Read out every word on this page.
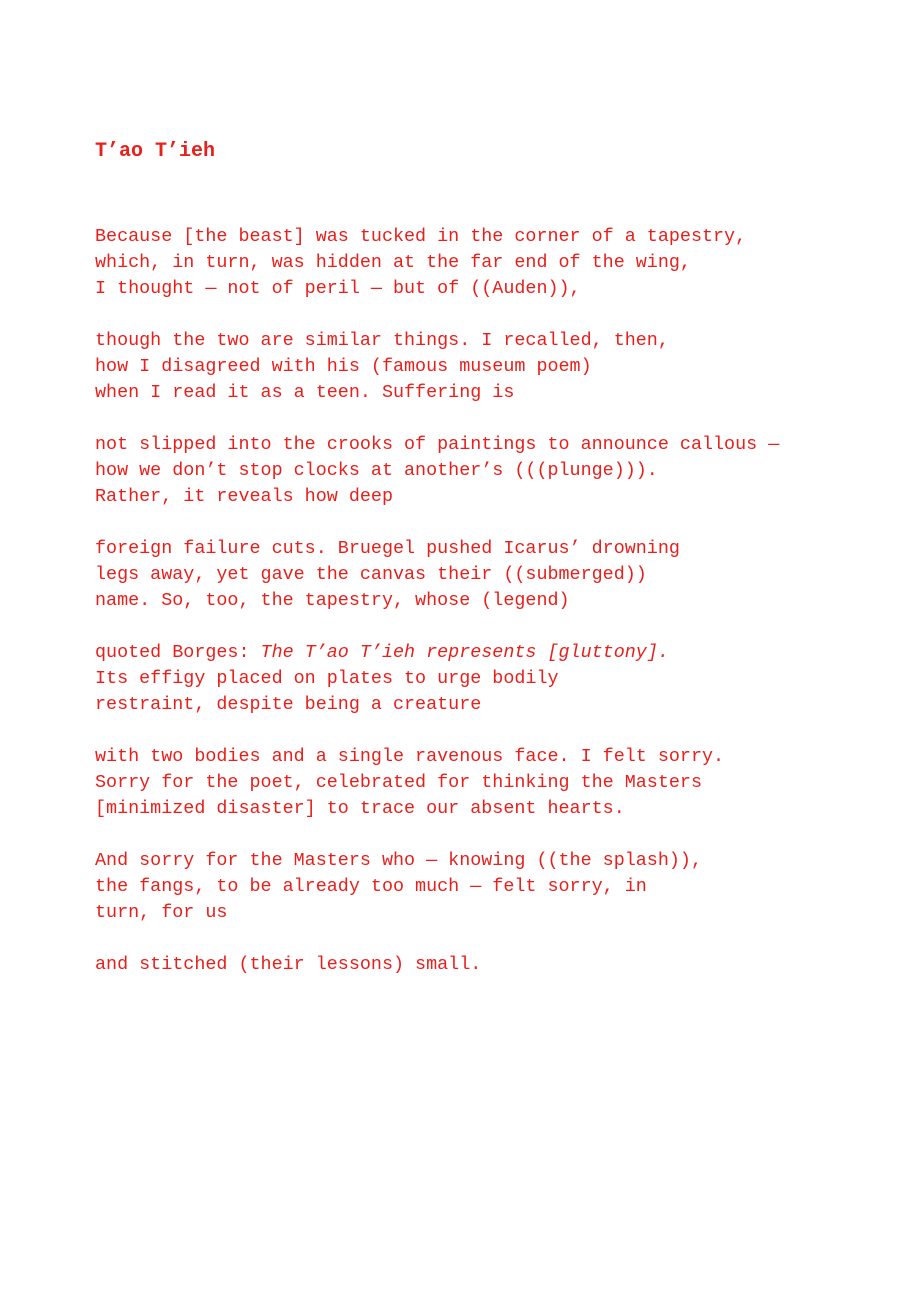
T’ao T’ieh
Because [the beast] was tucked in the corner of a tapestry,
which, in turn, was hidden at the far end of the wing,
I thought — not of peril — but of ((Auden)),
though the two are similar things. I recalled, then,
how I disagreed with his (famous museum poem)
when I read it as a teen. Suffering is
not slipped into the crooks of paintings to announce callous —
how we don’t stop clocks at another’s (((plunge))).
Rather, it reveals how deep
foreign failure cuts. Bruegel pushed Icarus’ drowning
legs away, yet gave the canvas their ((submerged))
name. So, too, the tapestry, whose (legend)
quoted Borges: The T’ao T’ieh represents [gluttony].
Its effigy placed on plates to urge bodily
restraint, despite being a creature
with two bodies and a single ravenous face. I felt sorry.
Sorry for the poet, celebrated for thinking the Masters
[minimized disaster] to trace our absent hearts.
And sorry for the Masters who — knowing ((the splash)),
the fangs, to be already too much — felt sorry, in
turn, for us
and stitched (their lessons) small.
